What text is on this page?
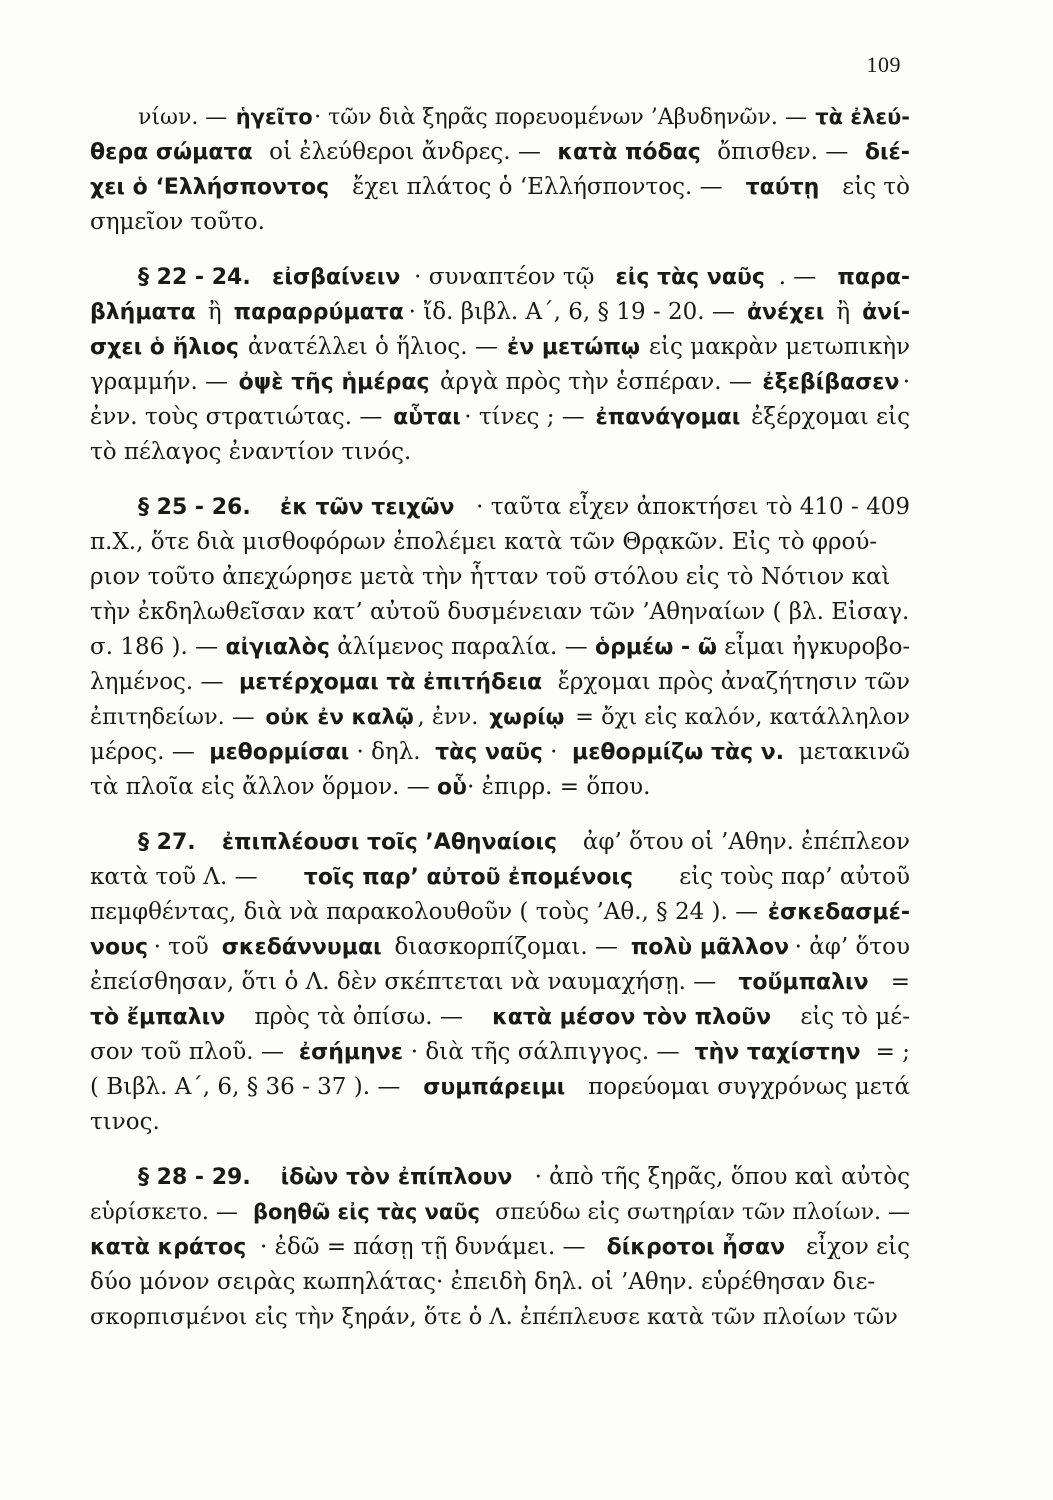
109
νίων. — ἡγεῖτο · τῶν διὰ ξηρᾶς πορευομένων ’Αβυδηνῶν. — τὰ ἐλεύ-
θερα σώματα οἱ ἐλεύθεροι ἄνδρες. — κατὰ πόδας ὄπισθεν. — διέ-
χει ὁ ‘Ελλήσποντος ἔχει πλάτος ὁ ‘Ελλήσποντος. — ταύτῃ εἰς τὸ
σημεῖον τοῦτο.
§ 22 - 24. εἰσβαίνειν · συναπτέον τῷ εἰς τὰς ναῦς . — παρα-
βλήματα ἢ παραρρύματα · ἴδ. βιβλ. Α΄, 6, § 19 - 20. — ἀνέχει ἢ ἀνί-
σχει ὁ ἥλιος ἀνατέλλει ὁ ἥλιος. — ἐν μετώπῳ εἰς μακρὰν μετωπικὴν
γραμμήν. — ὀψὲ τῆς ἡμέρας ἀργὰ πρὸς τὴν ἑσπέραν. — ἐξεβίβασεν ·
ἐνν. τοὺς στρατιώτας. — αὗται · τίνες ; — ἐπανάγομαι ἐξέρχομαι εἰς
τὸ πέλαγος ἐναντίον τινός.
§ 25 - 26. ἐκ τῶν τειχῶν · ταῦτα εἶχεν ἀποκτήσει τὸ 410 - 409
π.Χ., ὅτε διὰ μισθοφόρων ἐπολέμει κατὰ τῶν Θρᾳκῶν. Εἰς τὸ φρού-
ριον τοῦτο ἀπεχώρησε μετὰ τὴν ἧτταν τοῦ στόλου εἰς τὸ Νότιον καὶ
τὴν ἐκδηλωθεῖσαν κατ’ αὐτοῦ δυσμένειαν τῶν ’Αθηναίων ( βλ. Εἰσαγ.
σ. 186 ). — αἰγιαλὸς ἀλίμενος παραλία. — ὁρμέω - ῶ εἶμαι ἠγκυροβο-
λημένος. — μετέρχομαι τὰ ἐπιτήδεια ἔρχομαι πρὸς ἀναζήτησιν τῶν
ἐπιτηδείων. — οὐκ ἐν καλῷ , ἐνν. χωρίῳ = ὄχι εἰς καλόν, κατάλληλον
μέρος. — μεθορμίσαι · δηλ. τὰς ναῦς · μεθορμίζω τὰς ν. μετακινῶ
τὰ πλοῖα εἰς ἄλλον ὅρμον. — οὗ · ἐπιρρ. = ὅπου.
§ 27. ἐπιπλέουσι τοῖς ’Αθηναίοις ἀφ’ ὅτου οἱ ’Αθην. ἐπέπλεον
κατὰ τοῦ Λ. — τοῖς παρ’ αὐτοῦ ἐπομένοις εἰς τοὺς παρ’ αὐτοῦ
πεμφθέντας, διὰ νὰ παρακολουθοῦν ( τοὺς ’Αθ., § 24 ). — ἐσκεδασμέ-
νους · τοῦ σκεδάννυμαι διασκορπίζομαι. — πολὺ μᾶλλον · ἀφ’ ὅτου
ἐπείσθησαν, ὅτι ὁ Λ. δὲν σκέπτεται νὰ ναυμαχήσῃ. — τοὔμπαλιν =
τὸ ἔμπαλιν πρὸς τὰ ὀπίσω. — κατὰ μέσον τὸν πλοῦν εἰς τὸ μέ-
σον τοῦ πλοῦ. — ἐσήμηνε · διὰ τῆς σάλπιγγος. — τὴν ταχίστην = ;
( Βιβλ. Α΄, 6, § 36 - 37 ). — συμπάρειμι πορεύομαι συγχρόνως μετά
τινος.
§ 28 - 29. ἰδὼν τὸν ἐπίπλουν · ἀπὸ τῆς ξηρᾶς, ὅπου καὶ αὐτὸς
εὑρίσκετο. — βοηθῶ εἰς τὰς ναῦς σπεύδω εἰς σωτηρίαν τῶν πλοίων. —
κατὰ κράτος · ἐδῶ = πάσῃ τῇ δυνάμει. — δίκροτοι ἦσαν εἶχον εἰς
δύο μόνον σειρὰς κωπηλάτας· ἐπειδὴ δηλ. οἱ ’Αθην. εὑρέθησαν διε-
σκορπισμένοι εἰς τὴν ξηράν, ὅτε ὁ Λ. ἐπέπλευσε κατὰ τῶν πλοίων τῶν
